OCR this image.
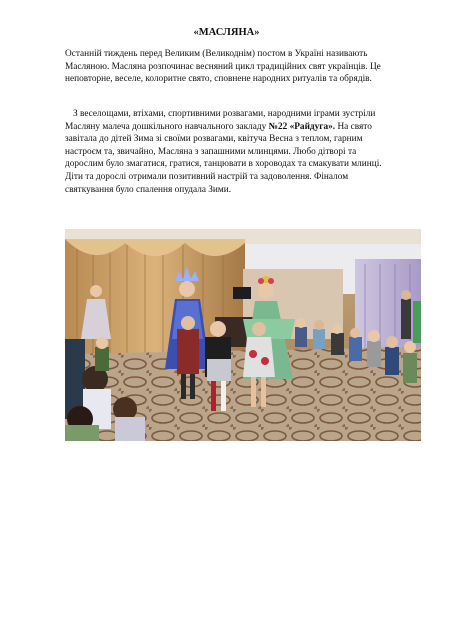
«МАСЛЯНА»

Останній тиждень перед Великим (Великоднім) постом в Україні називають Масляною. Масляна розпочинає весняний цикл традиційних свят українців. Це неповторне, веселе, колоритне свято, сповнене народних ритуалів та обрядів.

З веселощами, втіхами, спортивними розвагами, народними іграми зустріли Масляну малеча дошкільного навчального закладу №22 «Райдуга». На свято завітала до дітей Зима зі своїми розвагами, квітуча Весна з теплом, гарним настроєм та, звичайно, Масляна з запашними млинцями. Любо дітворі та дорослим було змагатися, гратися, танцювати в хороводах та смакувати млинці. Діти та дорослі отримали позитивний настрій та задоволення. Фіналом святкування було спалення опудала Зими.
